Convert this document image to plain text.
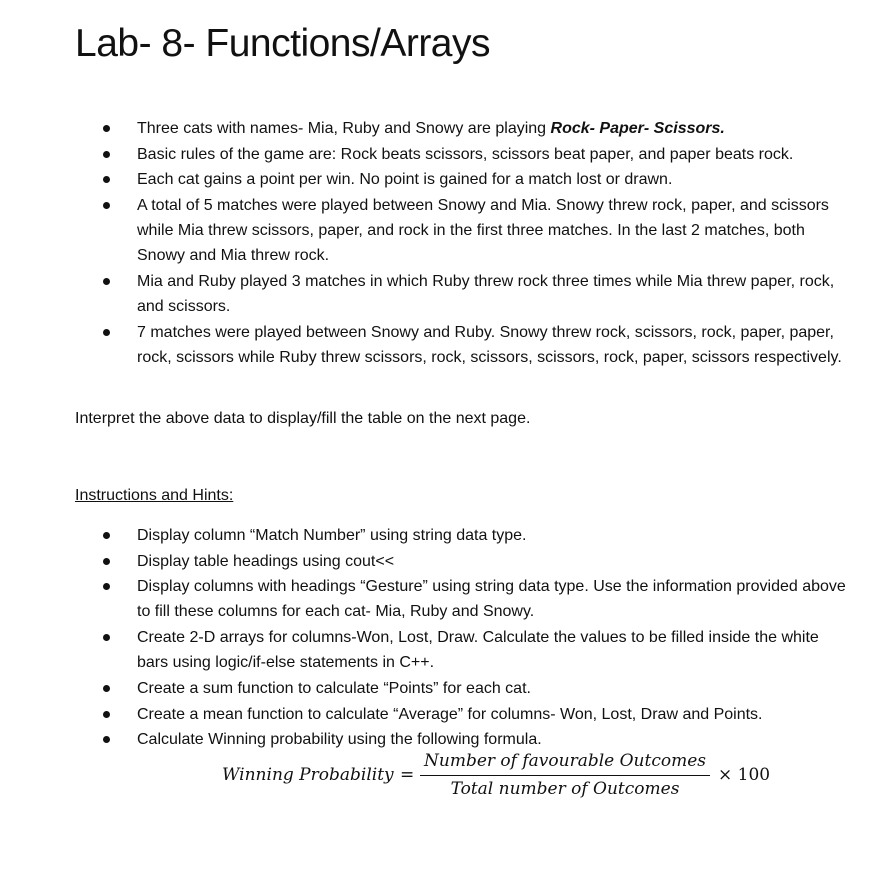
Lab- 8- Functions/Arrays
Three cats with names- Mia, Ruby and Snowy are playing Rock- Paper- Scissors.
Basic rules of the game are: Rock beats scissors, scissors beat paper, and paper beats rock.
Each cat gains a point per win. No point is gained for a match lost or drawn.
A total of 5 matches were played between Snowy and Mia. Snowy threw rock, paper, and scissors while Mia threw scissors, paper, and rock in the first three matches. In the last 2 matches, both Snowy and Mia threw rock.
Mia and Ruby played 3 matches in which Ruby threw rock three times while Mia threw paper, rock, and scissors.
7 matches were played between Snowy and Ruby. Snowy threw rock, scissors, rock, paper, paper, rock, scissors while Ruby threw scissors, rock, scissors, scissors, rock, paper, scissors respectively.

Interpret the above data to display/fill the table on the next page.

Instructions and Hints:

Display column “Match Number” using string data type.
Display table headings using cout<<
Display columns with headings “Gesture” using string data type. Use the information provided above to fill these columns for each cat- Mia, Ruby and Snowy.
Create 2-D arrays for columns-Won, Lost, Draw. Calculate the values to be filled inside the white bars using logic/if-else statements in C++.
Create a sum function to calculate “Points” for each cat.
Create a mean function to calculate “Average” for columns- Won, Lost, Draw and Points.
Calculate Winning probability using the following formula.
Winning Probability =
Number of favourable Outcomes
Total number of Outcomes
× 100
